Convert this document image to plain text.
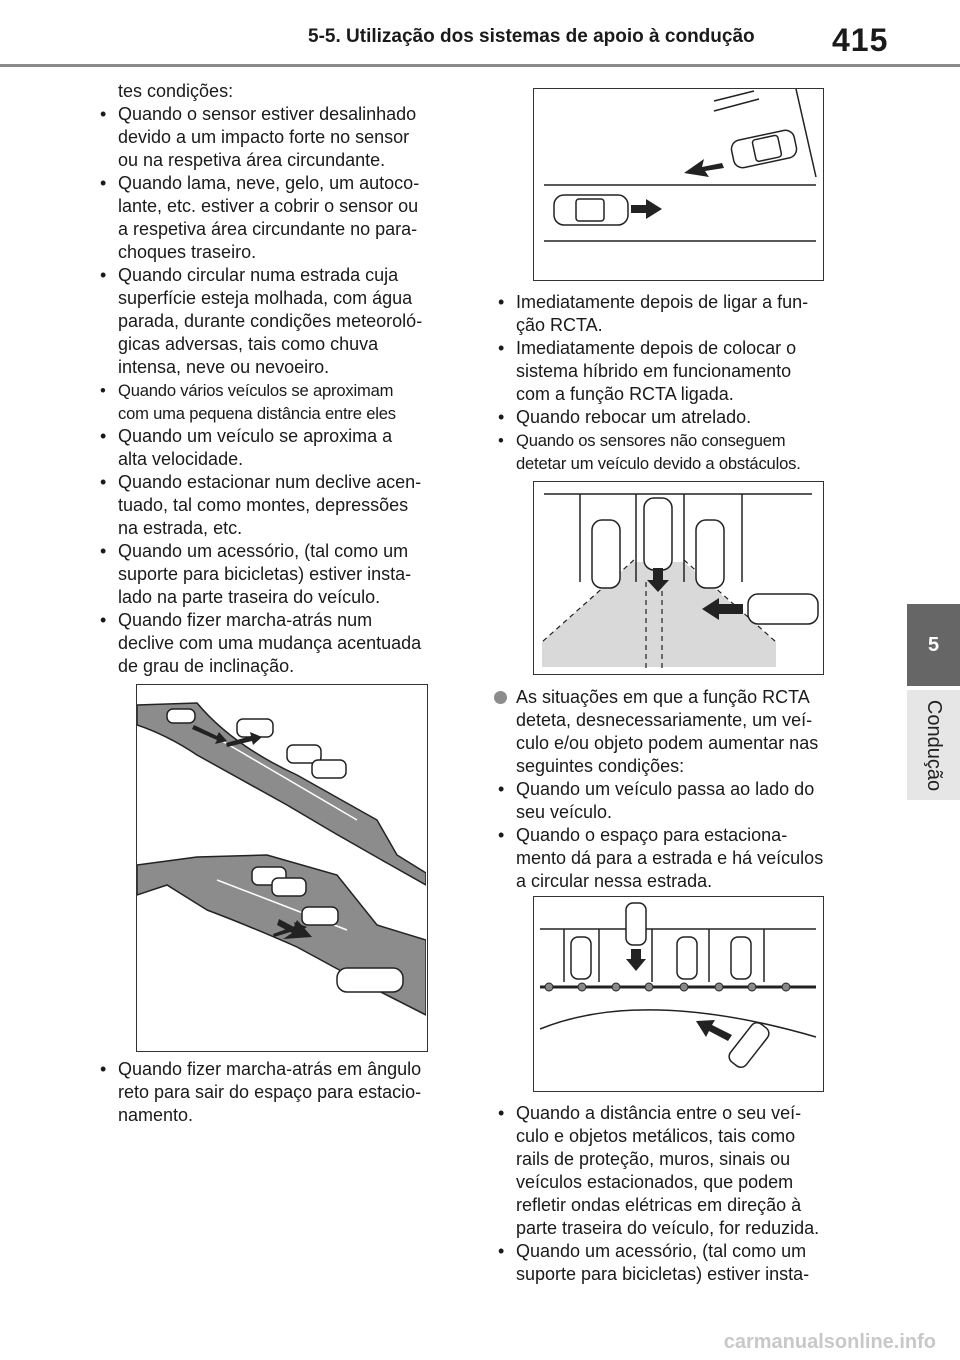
5-5. Utilização dos sistemas de apoio à condução 415
5
Condução

tes condições:

• Quando o sensor estiver desalinhado

devido a um impacto forte no sensor

ou na respetiva área circundante.

• Quando lama, neve, gelo, um autoco-

lante, etc. estiver a cobrir o sensor ou

a respetiva área circundante no para-

choques traseiro.

• Quando circular numa estrada cuja

superfície esteja molhada, com água

parada, durante condições meteoroló-

gicas adversas, tais como chuva

intensa, neve ou nevoeiro.

• Quando vários veículos se aproximam

com uma pequena distância entre eles

• Quando um veículo se aproxima a

alta velocidade.

• Quando estacionar num declive acen-

tuado, tal como montes, depressões

na estrada, etc.

• Quando um acessório, (tal como um

suporte para bicicletas) estiver insta-

lado na parte traseira do veículo.

• Quando fizer marcha-atrás num

declive com uma mudança acentuada

de grau de inclinação.

• Quando fizer marcha-atrás em ângulo

reto para sair do espaço para estacio-

namento.

• Imediatamente depois de ligar a fun-

ção RCTA.

• Imediatamente depois de colocar o

sistema híbrido em funcionamento

com a função RCTA ligada.

• Quando rebocar um atrelado.

• Quando os sensores não conseguem

detetar um veículo devido a obstáculos.

As situações em que a função RCTA

deteta, desnecessariamente, um veí-

culo e/ou objeto podem aumentar nas

seguintes condições:

• Quando um veículo passa ao lado do

seu veículo.

• Quando o espaço para estaciona-

mento dá para a estrada e há veículos

a circular nessa estrada.

• Quando a distância entre o seu veí-

culo e objetos metálicos, tais como

rails de proteção, muros, sinais ou

veículos estacionados, que podem

refletir ondas elétricas em direção à

parte traseira do veículo, for reduzida.

• Quando um acessório, (tal como um

suporte para bicicletas) estiver insta-

carmanualsonline.info
